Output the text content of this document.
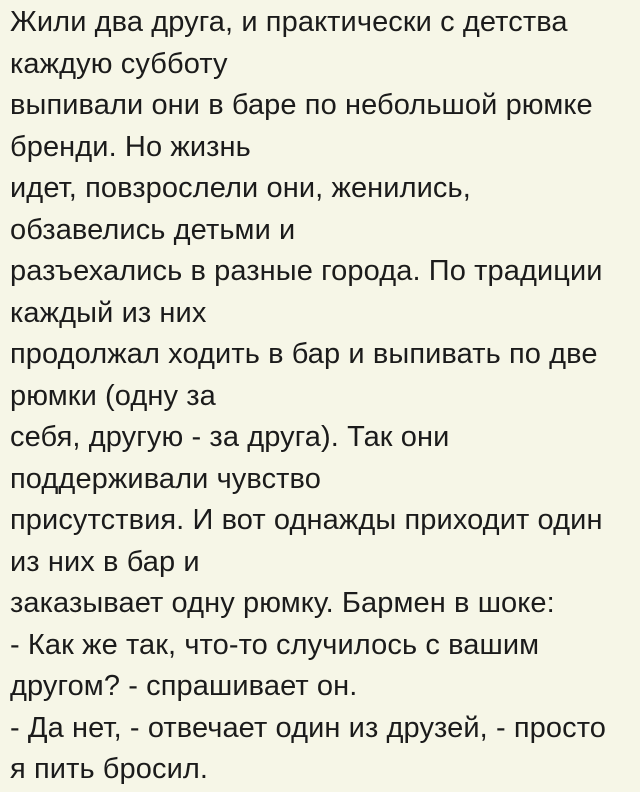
Жили два друга, и практически с детства
каждую субботу
выпивали они в баре по небольшой рюмке
бренди. Но жизнь
идет, повзрослели они, женились,
обзавелись детьми и
разъехались в разные города. По традиции
каждый из них
продолжал ходить в бар и выпивать по две
рюмки (одну за
себя, другую - за друга). Так они
поддерживали чувство
присутствия. И вот однажды приходит один
из них в бар и
заказывает одну рюмку. Бармен в шоке:
- Как же так, что-то случилось с вашим
другом? - спрашивает он.
- Да нет, - отвечает один из друзей, - просто
я пить бросил.
